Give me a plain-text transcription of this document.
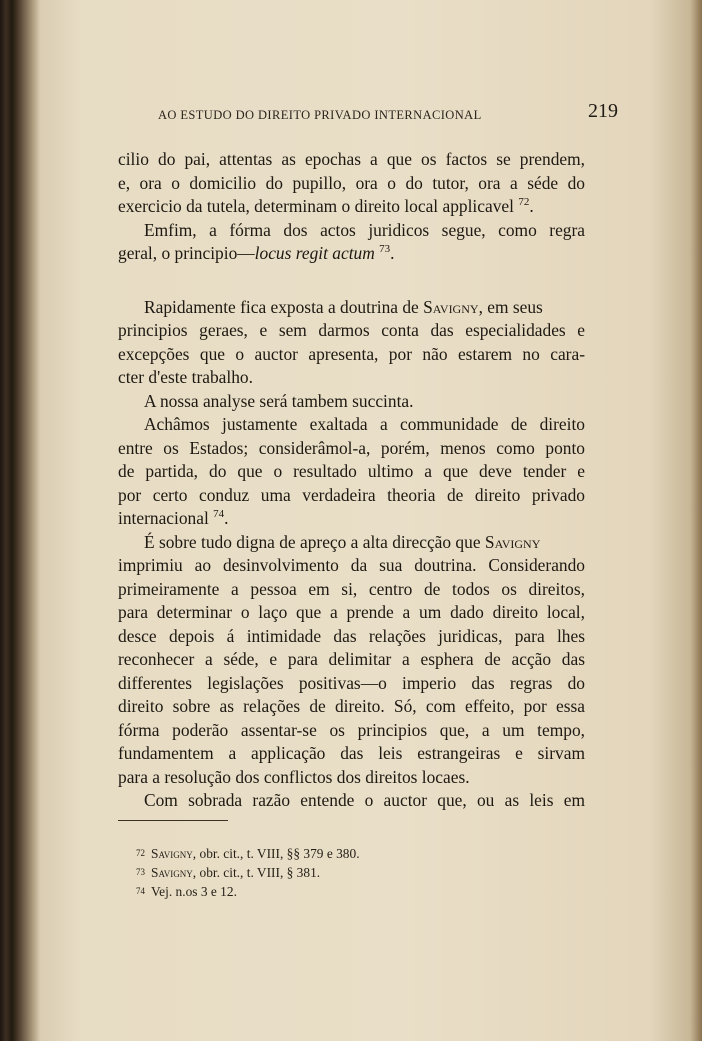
AO ESTUDO DO DIREITO PRIVADO INTERNACIONAL	219
cilio do pai, attentas as epochas a que os factos se prendem,
e, ora o domicilio do pupillo, ora o do tutor, ora a séde do
exercicio da tutela, determinam o direito local applicavel $^{72}$.
Emfim, a fórma dos actos juridicos segue, como regra
geral, o principio—locus regit actum $^{73}$.
Rapidamente fica exposta a doutrina de Savigny, em seus
principios geraes, e sem darmos conta das especialidades e
excepções que o auctor apresenta, por não estarem no cara-
cter d'este trabalho.
A nossa analyse será tambem succinta.
Achâmos justamente exaltada a communidade de direito
entre os Estados; considerâmol-a, porém, menos como ponto
de partida, do que o resultado ultimo a que deve tender e
por certo conduz uma verdadeira theoria de direito privado
internacional $^{74}$.
É sobre tudo digna de apreço a alta direcção que Savigny
imprimiu ao desinvolvimento da sua doutrina. Considerando
primeiramente a pessoa em si, centro de todos os direitos,
para determinar o laço que a prende a um dado direito local,
desce depois á intimidade das relações juridicas, para lhes
reconhecer a séde, e para delimitar a esphera de acção das
differentes legislações positivas—o imperio das regras do
direito sobre as relações de direito. Só, com effeito, por essa
fórma poderão assentar-se os principios que, a um tempo,
fundamentem a applicação das leis estrangeiras e sirvam
para a resolução dos conflictos dos direitos locaes.
Com sobrada razão entende o auctor que, ou as leis em
$^{72}$ Savigny, obr. cit., t. VIII, §§ 379 e 380.
$^{73}$ Savigny, obr. cit., t. VIII, § 381.
$^{74}$ Vej. n.os 3 e 12.
